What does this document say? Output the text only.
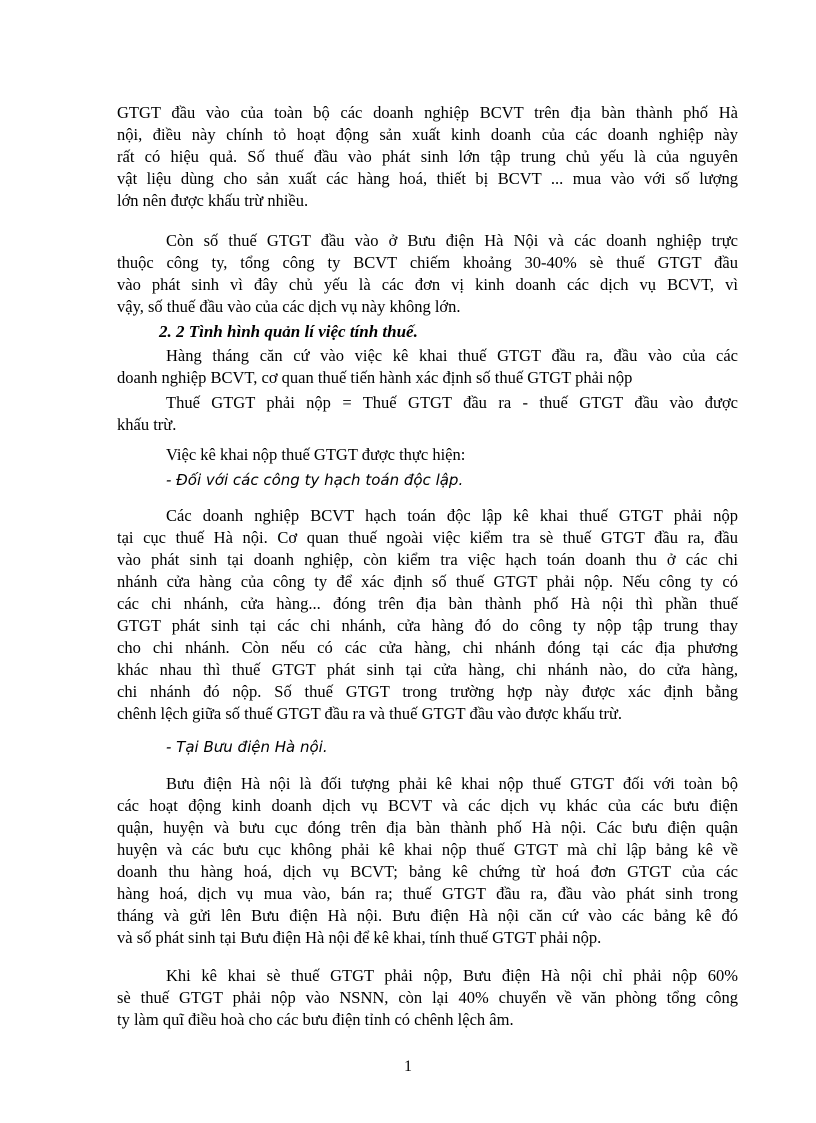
GTGT đầu vào của toàn bộ các doanh nghiệp BCVT trên địa bàn thành phố Hà
nội, điều này chính tỏ hoạt động sản xuất kinh doanh của các doanh nghiệp này
rất có hiệu quả. Số thuế đầu vào phát sinh lớn tập trung chủ yếu là của nguyên
vật liệu dùng cho sản xuất các hàng hoá, thiết bị BCVT ... mua vào với số lượng
lớn nên được khấu trừ nhiều.
Còn số thuế GTGT đầu vào ở Bưu điện Hà Nội và các doanh nghiệp trực
thuộc công ty, tổng công ty BCVT chiếm khoảng 30-40% sè thuế GTGT đầu
vào phát sinh vì đây chủ yếu là các đơn vị kinh doanh các dịch vụ BCVT, vì
vậy, số thuế đầu vào của các dịch vụ này không lớn.
2. 2 Tình hình quản lí việc tính thuế.
Hàng tháng căn cứ vào việc kê khai thuế GTGT đầu ra, đầu vào của các
doanh nghiệp BCVT, cơ quan thuế tiến hành xác định số thuế GTGT phải nộp
Thuế GTGT phải nộp = Thuế GTGT đầu ra - thuế GTGT đầu vào được
khấu trừ.
Việc kê khai nộp thuế GTGT được thực hiện:
- Đối với các công ty hạch toán độc lập.
Các doanh nghiệp BCVT hạch toán độc lập kê khai thuế GTGT phải nộp
tại cục thuế Hà nội. Cơ quan thuế ngoài việc kiểm tra sè thuế GTGT đầu ra, đầu
vào phát sinh tại doanh nghiệp, còn kiểm tra việc hạch toán doanh thu ở các chi
nhánh cửa hàng của công ty để xác định số thuế GTGT phải nộp. Nếu công ty có
các chi nhánh, cửa hàng... đóng trên địa bàn thành phố Hà nội thì phần thuế
GTGT phát sinh tại các chi nhánh, cửa hàng đó do công ty nộp tập trung thay
cho chi nhánh. Còn nếu có các cửa hàng, chi nhánh đóng tại các địa phương
khác nhau thì thuế GTGT phát sinh tại cửa hàng, chi nhánh nào, do cửa hàng,
chi nhánh đó nộp. Số thuế GTGT trong trường hợp này được xác định bằng
chênh lệch giữa số thuế GTGT đầu ra và thuế GTGT đầu vào được khấu trừ.
- Tại Bưu điện Hà nội.
Bưu điện Hà nội là đối tượng phải kê khai nộp thuế GTGT đối với toàn bộ
các hoạt động kinh doanh dịch vụ BCVT và các dịch vụ khác của các bưu điện
quận, huyện và bưu cục đóng trên địa bàn thành phố Hà nội. Các bưu điện quận
huyện và các bưu cục không phải kê khai nộp thuế GTGT mà chỉ lập bảng kê về
doanh thu hàng hoá, dịch vụ BCVT; bảng kê chứng từ hoá đơn GTGT của các
hàng hoá, dịch vụ mua vào, bán ra; thuế GTGT đầu ra, đầu vào phát sinh trong
tháng và gửi lên Bưu điện Hà nội. Bưu điện Hà nội căn cứ vào các bảng kê đó
và số phát sinh tại Bưu điện Hà nội để kê khai, tính thuế GTGT phải nộp.
Khi kê khai sè thuế GTGT phải nộp, Bưu điện Hà nội chỉ phải nộp 60%
sè thuế GTGT phải nộp vào NSNN, còn lại 40% chuyển về văn phòng tổng công
ty làm quĩ điều hoà cho các bưu điện tỉnh có chênh lệch âm.
1
